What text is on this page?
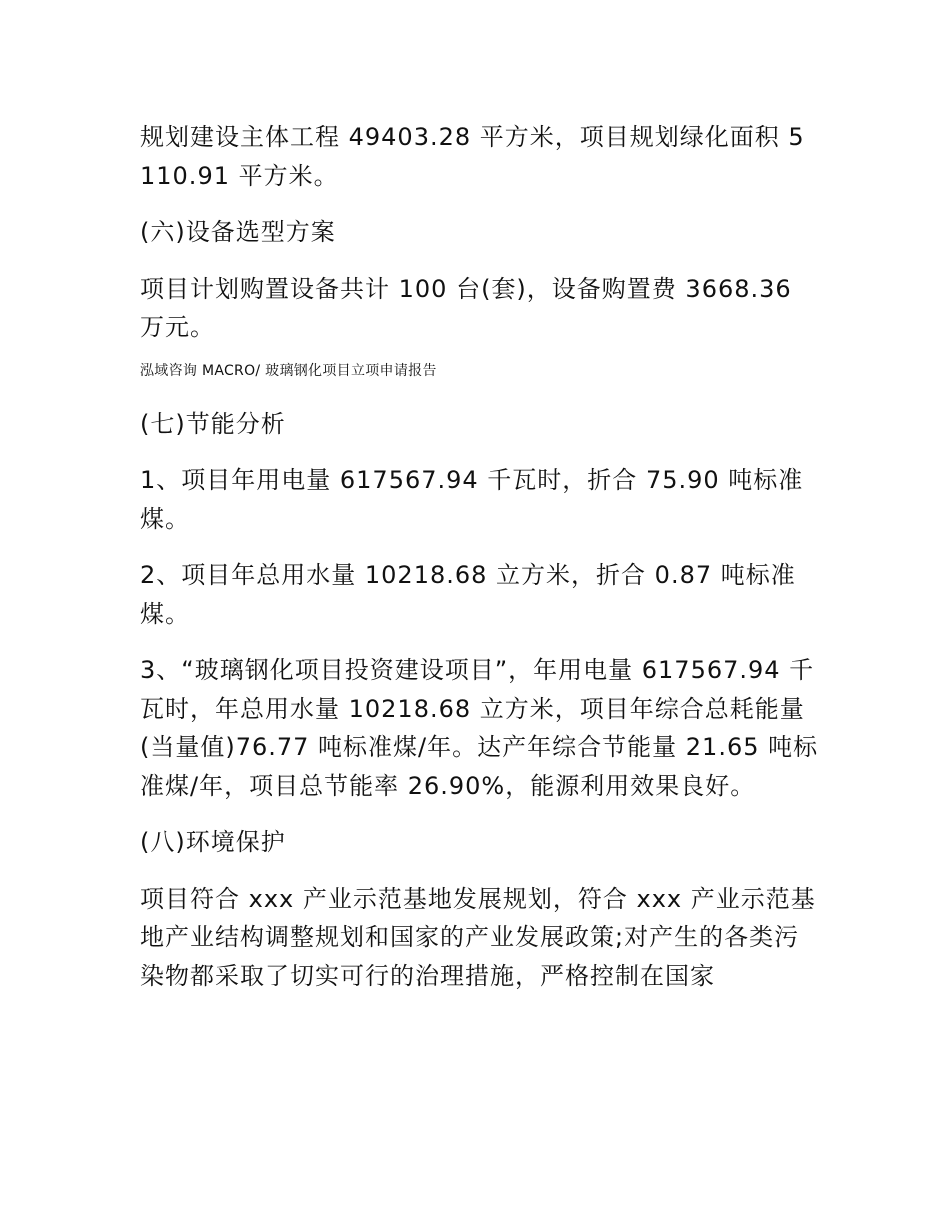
规划建设主体工程 49403.28 平方米，项目规划绿化面积 5110.91 平方米。

(六)设备选型方案

项目计划购置设备共计 100 台(套)，设备购置费 3668.36 万元。

泓域咨询 MACRO/ 玻璃钢化项目立项申请报告

(七)节能分析

1、项目年用电量 617567.94 千瓦时，折合 75.90 吨标准煤。

2、项目年总用水量 10218.68 立方米，折合 0.87 吨标准煤。

3、“玻璃钢化项目投资建设项目”，年用电量 617567.94 千瓦时，年总用水量 10218.68 立方米，项目年综合总耗能量(当量值)76.77 吨标准煤/年。达产年综合节能量 21.65 吨标准煤/年，项目总节能率 26.90%，能源利用效果良好。

(八)环境保护

项目符合 xxx 产业示范基地发展规划，符合 xxx 产业示范基地产业结构调整规划和国家的产业发展政策;对产生的各类污染物都采取了切实可行的治理措施，严格控制在国家
